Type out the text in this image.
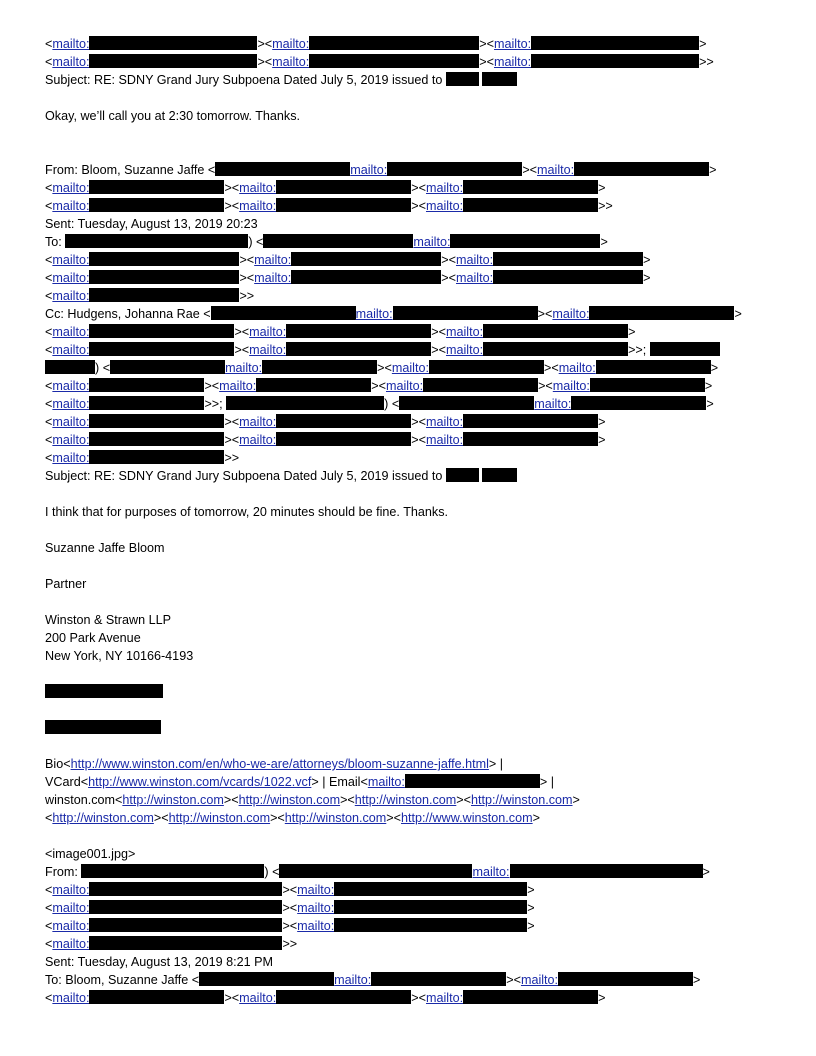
<mailto:	><mailto:	><mailto:	>
<mailto:	><mailto:	><mailto:	>>
Subject: RE: SDNY Grand Jury Subpoena Dated July 5, 2019 issued to
Okay, we’ll call you at 2:30 tomorrow. Thanks.
From: Bloom, Suzanne Jaffe <	mailto:	><mailto:	>
<mailto:	><mailto:	><mailto:	>
<mailto:	><mailto:	><mailto:	>>
Sent: Tuesday, August 13, 2019 20:23
To:	) <	mailto:	>
<mailto:	><mailto:	><mailto:	>
<mailto:	><mailto:	><mailto:	>
<mailto:	>>
Cc: Hudgens, Johanna Rae <	mailto:	><mailto:	>
<mailto:	><mailto:	><mailto:	>
<mailto:	><mailto:	><mailto:	>>;
) <	mailto:	><mailto:	><mailto:	>
<mailto:	><mailto:	><mailto:	><mailto:	>
<mailto:	>>;	) <	mailto:	>
<mailto:	><mailto:	><mailto:	>
<mailto:	><mailto:	><mailto:	>
<mailto:	>>
Subject: RE: SDNY Grand Jury Subpoena Dated July 5, 2019 issued to
I think that for purposes of tomorrow, 20 minutes should be fine. Thanks.
Suzanne Jaffe Bloom
Partner
Winston & Strawn LLP
200 Park Avenue
New York, NY 10166-4193
Bio<http://www.winston.com/en/who-we-are/attorneys/bloom-suzanne-jaffe.html> |
VCard<http://www.winston.com/vcards/1022.vcf> | Email<mailto:	> |
winston.com<http://winston.com><http://winston.com><http://winston.com><http://winston.com>
<http://winston.com><http://winston.com><http://winston.com><http://www.winston.com>
<image001.jpg>
From:	) <	mailto:	>
<mailto:	><mailto:	>
<mailto:	><mailto:	>
<mailto:	><mailto:	>
<mailto:	>>
Sent: Tuesday, August 13, 2019 8:21 PM
To: Bloom, Suzanne Jaffe <	mailto:	><mailto:	>
<mailto:	><mailto:	><mailto:	>
